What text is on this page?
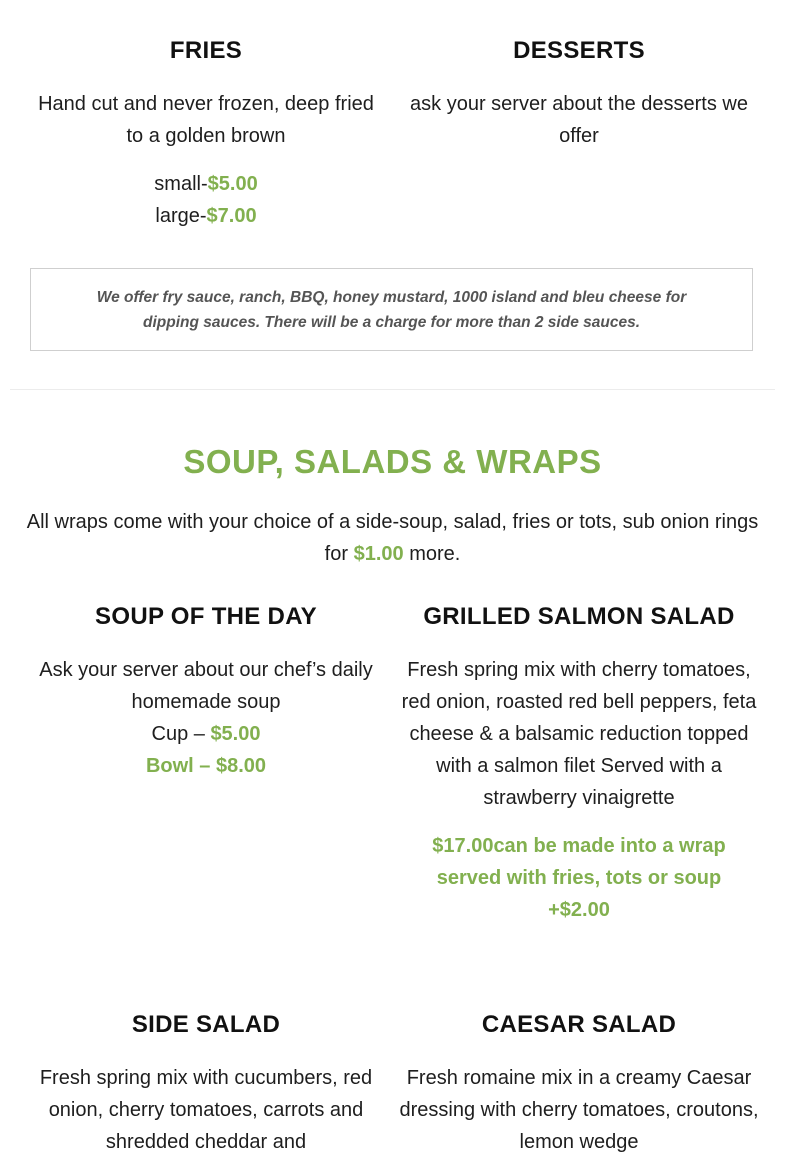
FRIES

Hand cut and never frozen, deep fried to a golden brown

small-$5.00

large-$7.00

DESSERTS

ask your server about the desserts we offer

We offer fry sauce, ranch, BBQ, honey mustard, 1000 island and bleu cheese for dipping sauces. There will be a charge for more than 2 side sauces.
SOUP, SALADS & WRAPS
All wraps come with your choice of a side-soup, salad, fries or tots, sub onion rings for $1.00 more.
SOUP OF THE DAY

Ask your server about our chef’s daily homemade soup

Cup – $5.00

Bowl – $8.00

GRILLED SALMON SALAD

Fresh spring mix with cherry tomatoes, red onion, roasted red bell peppers, feta cheese & a balsamic reduction topped with a salmon filet Served with a strawberry vinaigrette

$17.00can be made into a wrap served with fries, tots or soup +$2.00

SIDE SALAD

Fresh spring mix with cucumbers, red onion, cherry tomatoes, carrots and shredded cheddar and

CAESAR SALAD

Fresh romaine mix in a creamy Caesar dressing with cherry tomatoes, croutons, lemon wedge
